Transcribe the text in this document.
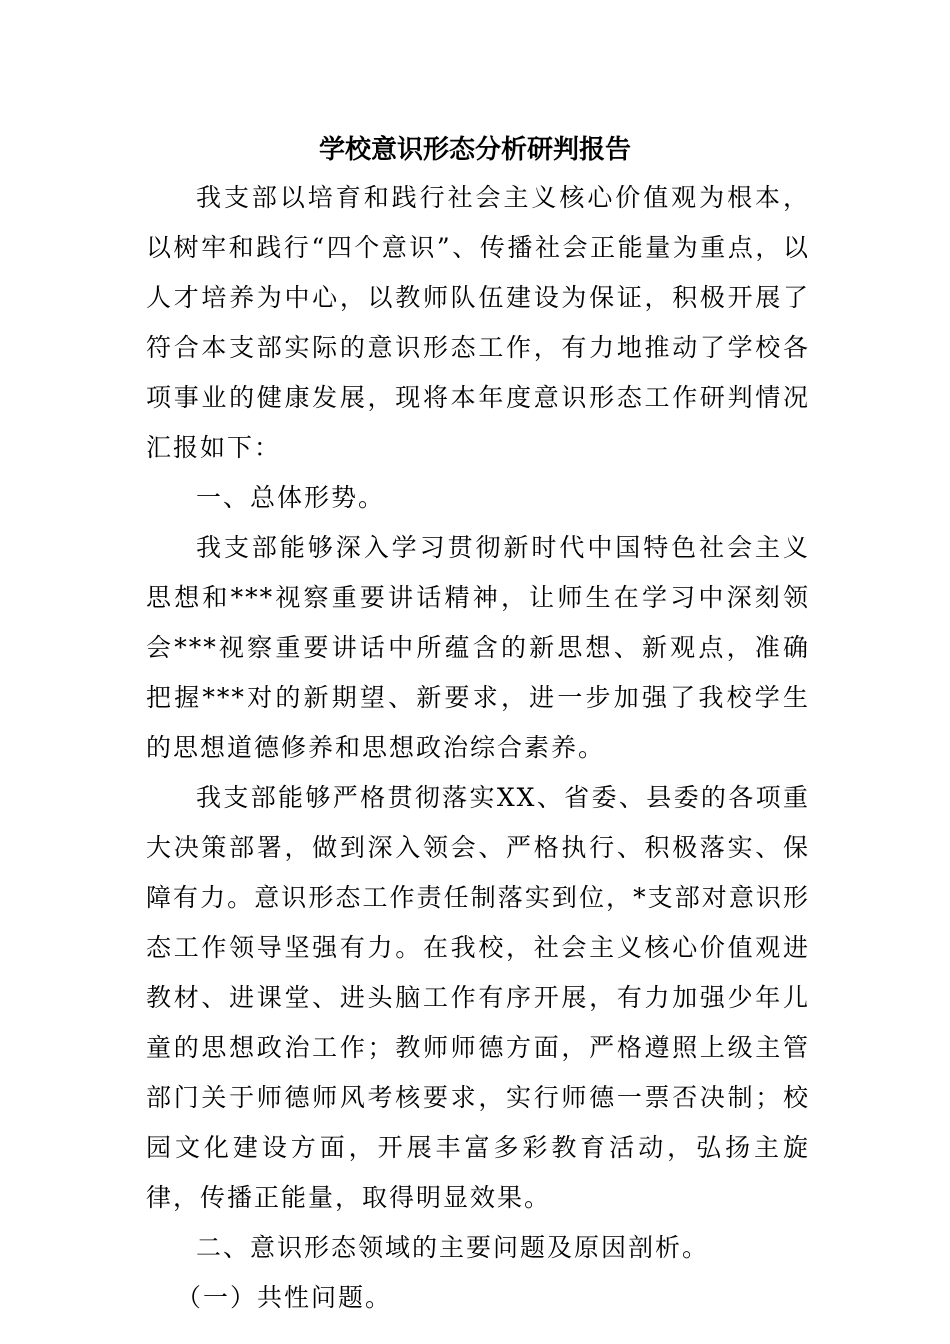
学校意识形态分析研判报告

我支部以培育和践行社会主义核心价值观为根本，以树牢和践行“四个意识”、传播社会正能量为重点，以人才培养为中心，以教师队伍建设为保证，积极开展了符合本支部实际的意识形态工作，有力地推动了学校各项事业的健康发展，现将本年度意识形态工作研判情况汇报如下：

一、总体形势。

我支部能够深入学习贯彻新时代中国特色社会主义思想和***视察重要讲话精神，让师生在学习中深刻领会***视察重要讲话中所蕴含的新思想、新观点，准确把握***对的新期望、新要求，进一步加强了我校学生的思想道德修养和思想政治综合素养。

我支部能够严格贯彻落实XX、省委、县委的各项重大决策部署，做到深入领会、严格执行、积极落实、保障有力。意识形态工作责任制落实到位，*支部对意识形态工作领导坚强有力。在我校，社会主义核心价值观进教材、进课堂、进头脑工作有序开展，有力加强少年儿童的思想政治工作；教师师德方面，严格遵照上级主管部门关于师德师风考核要求，实行师德一票否决制；校园文化建设方面，开展丰富多彩教育活动，弘扬主旋律，传播正能量，取得明显效果。

二、意识形态领域的主要问题及原因剖析。

（一）共性问题。
